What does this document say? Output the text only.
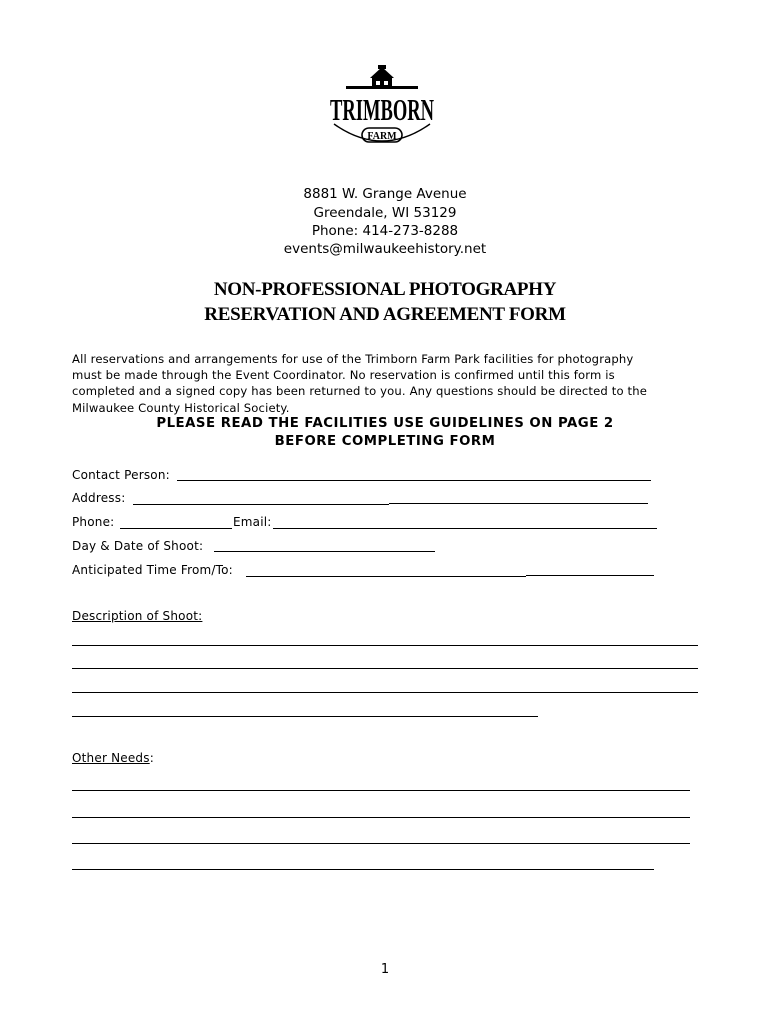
TRIMBORN
FARM
8881 W. Grange Avenue
Greendale, WI 53129
Phone: 414-273-8288
events@milwaukeehistory.net
NON-PROFESSIONAL PHOTOGRAPHY
RESERVATION AND AGREEMENT FORM
All reservations and arrangements for use of the Trimborn Farm Park facilities for photography
must be made through the Event Coordinator. No reservation is confirmed until this form is
completed and a signed copy has been returned to you. Any questions should be directed to the
Milwaukee County Historical Society.
PLEASE READ THE FACILITIES USE GUIDELINES ON PAGE 2
BEFORE COMPLETING FORM
Contact Person:
Address:
Phone:	Email:
Day & Date of Shoot:
Anticipated Time From/To:
Description of Shoot:
Other Needs:
1
